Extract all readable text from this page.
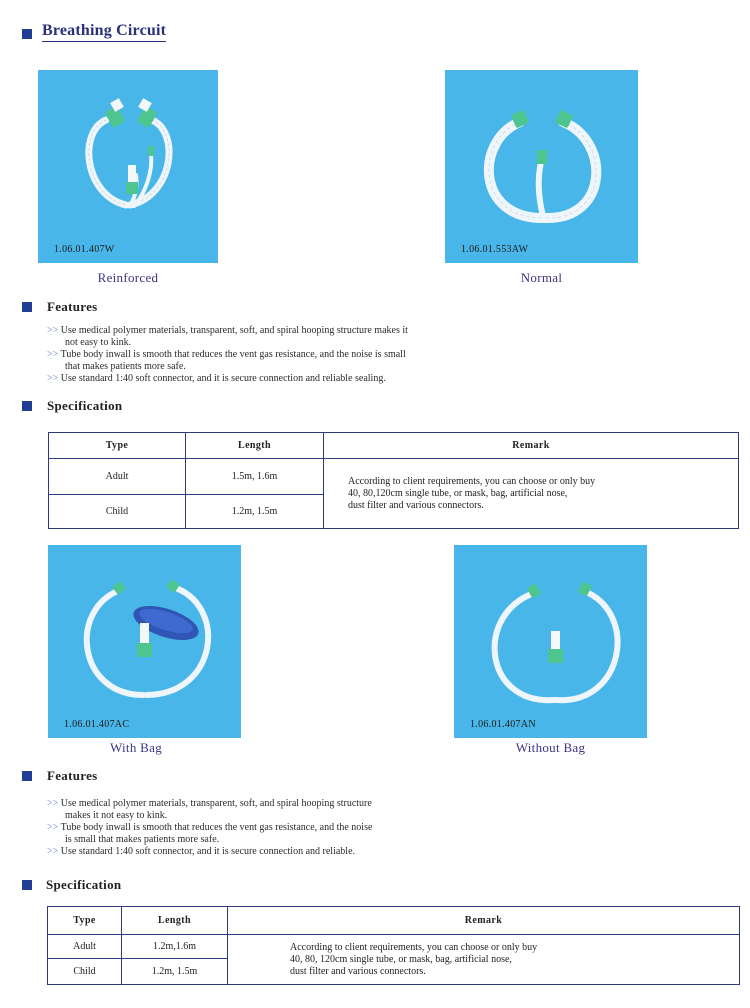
Breathing Circuit
1.06.01.407W
Reinforced
1.06.01.553AW
Normal
Features
>> Use medical polymer materials, transparent, soft, and spiral hooping structure makes it
not easy to kink.
>> Tube body inwall is smooth that reduces the vent gas resistance, and the noise is small
that makes patients more safe.
>> Use standard 1:40 soft connector, and it is secure connection and reliable sealing.
Specification
Type	Length	Remark
Adult	1.5m, 1.6m	According to client requirements, you can choose or only buy
40, 80,120cm single tube, or mask, bag, artificial nose,
dust filter and various connectors.

Child	1.2m, 1.5m	
1.06.01.407AC
With Bag
1.06.01.407AN
Without Bag
Features
>> Use medical polymer materials, transparent, soft, and spiral hooping structure
makes it not easy to kink.
>> Tube body inwall is smooth that reduces the vent gas resistance, and the noise
is small that makes patients more safe.
>> Use standard 1:40 soft connector, and it is secure connection and reliable.
Specification
Type	Length	Remark
Adult	1.2m,1.6m	According to client requirements, you can choose or only buy
40, 80, 120cm single tube, or mask, bag, artificial nose,
dust filter and various connectors.

Child	1.2m, 1.5m	
